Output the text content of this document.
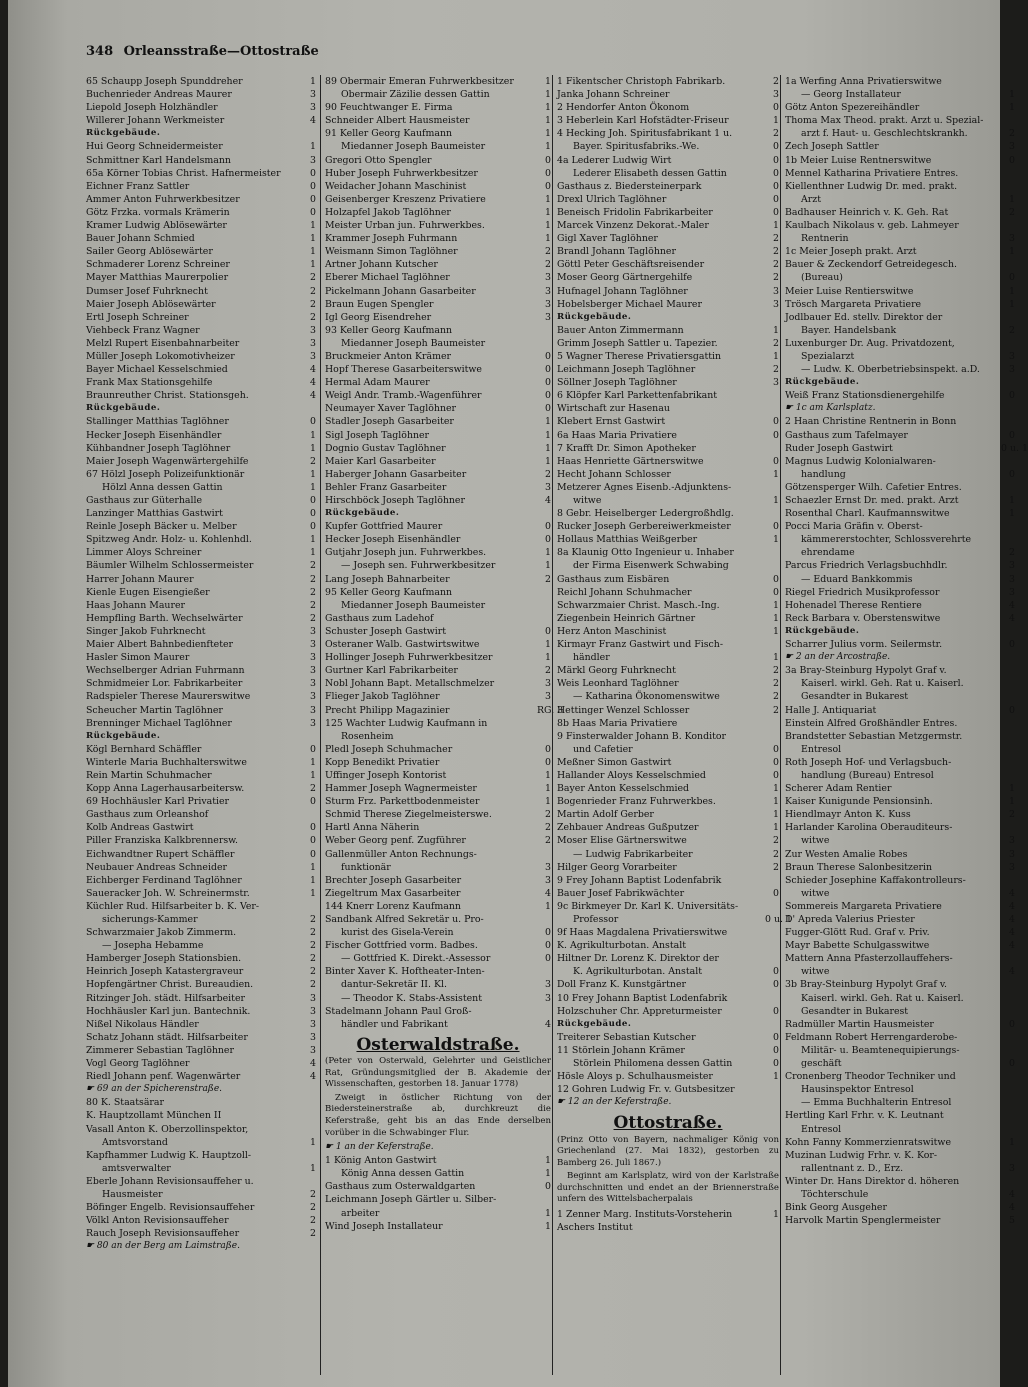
348 Orleansstraße—Ottostraße
65 Schaupp Joseph Spunddreher	1
Buchenrieder Andreas Maurer	3
Liepold Joseph Holzhändler	3
Willerer Johann Werkmeister	4
Rückgebäude.
Hui Georg Schneidermeister	1
Schmittner Karl Handelsmann	3
65a Körner Tobias Christ. Hafnermeister	0
Eichner Franz Sattler	0
Ammer Anton Fuhrwerkbesitzer	0
Götz Frzka. vormals Krämerin	0
Kramer Ludwig Ablösewärter	1
Bauer Johann Schmied	1
Sailer Georg Ablösewärter	1
Schmaderer Lorenz Schreiner	1
Mayer Matthias Maurerpolier	2
Dumser Josef Fuhrknecht	2
Maier Joseph Ablösewärter	2
Ertl Joseph Schreiner	2
Viehbeck Franz Wagner	3
Melzl Rupert Eisenbahnarbeiter	3
Müller Joseph Lokomotivheizer	3
Bayer Michael Kesselschmied	4
Frank Max Stationsgehilfe	4
Braunreuther Christ. Stationsgeh.	4
Rückgebäude.
Stallinger Matthias Taglöhner	0
Hecker Joseph Eisenhändler	1
Kühbandner Joseph Taglöhner	1
Maier Joseph Wagenwärtergehilfe	2
67 Hölzl Joseph Polizeifunktionär	1
Hölzl Anna dessen Gattin	1
Gasthaus zur Güterhalle	0
Lanzinger Matthias Gastwirt	0
Reinle Joseph Bäcker u. Melber	0
Spitzweg Andr. Holz- u. Kohlenhdl.	1
Limmer Aloys Schreiner	1
Bäumler Wilhelm Schlossermeister	2
Harrer Johann Maurer	2
Kienle Eugen Eisengießer	2
Haas Johann Maurer	2
Hempfling Barth. Wechselwärter	2
Singer Jakob Fuhrknecht	3
Maier Albert Bahnbedienfteter	3
Hasler Simon Maurer	3
Wechselberger Adrian Fuhrmann	3
Schmidmeier Lor. Fabrikarbeiter	3
Radspieler Therese Maurerswitwe	3
Scheucher Martin Taglöhner	3
Brenninger Michael Taglöhner	3
Rückgebäude.
Kögl Bernhard Schäffler	0
Winterle Maria Buchhalterswitwe	1
Rein Martin Schuhmacher	1
Kopp Anna Lagerhausarbeitersw.	2
69 Hochhäusler Karl Privatier	0
Gasthaus zum Orleanshof
Kolb Andreas Gastwirt	0
Piller Franziska Kalkbrennersw.	0
Eichwandtner Rupert Schäffler	0
Neubauer Andreas Schneider	1
Eichberger Ferdinand Taglöhner	1
Saueracker Joh. W. Schreinermstr.	1
Küchler Rud. Hilfsarbeiter b. K. Ver-
sicherungs-Kammer	2
Schwarzmaier Jakob Zimmerm.	2
— Josepha Hebamme	2
Hamberger Joseph Stationsbien.	2
Heinrich Joseph Katastergraveur	2
Hopfengärtner Christ. Bureaudien.	2
Ritzinger Joh. städt. Hilfsarbeiter	3
Hochhäusler Karl jun. Bantechnik.	3
Nißel Nikolaus Händler	3
Schatz Johann städt. Hilfsarbeiter	3
Zimmerer Sebastian Taglöhner	3
Vogl Georg Taglöhner	4
Riedl Johann penf. Wagenwärter	4
☛ 69 an der Spicherenstraße.
80 K. Staatsärar
K. Hauptzollamt München II
Vasall Anton K. Oberzollinspektor,
Amtsvorstand	1
Kapfhammer Ludwig K. Hauptzoll-
amtsverwalter	1
Eberle Johann Revisionsauffeher u.
Hausmeister	2
Böfinger Engelb. Revisionsauffeher	2
Völkl Anton Revisionsauffeher	2
Rauch Joseph Revisionsauffeher	2
☛ 80 an der Berg am Laimstraße.
89 Obermair Emeran Fuhrwerkbesitzer	1
Obermair Zäzilie dessen Gattin	1
90 Feuchtwanger E. Firma	1
Schneider Albert Hausmeister	1
91 Keller Georg Kaufmann	1
Miedanner Joseph Baumeister	1
Gregori Otto Spengler	0
Huber Joseph Fuhrwerkbesitzer	0
Weidacher Johann Maschinist	0
Geisenberger Kreszenz Privatiere	1
Holzapfel Jakob Taglöhner	1
Meister Urban jun. Fuhrwerkbes.	1
Krammer Joseph Fuhrmann	1
Weismann Simon Taglöhner	2
Artner Johann Kutscher	2
Eberer Michael Taglöhner	3
Pickelmann Johann Gasarbeiter	3
Braun Eugen Spengler	3
Igl Georg Eisendreher	3
93 Keller Georg Kaufmann
Miedanner Joseph Baumeister
Bruckmeier Anton Krämer	0
Hopf Therese Gasarbeiterswitwe	0
Hermal Adam Maurer	0
Weigl Andr. Tramb.-Wagenführer	0
Neumayer Xaver Taglöhner	0
Stadler Joseph Gasarbeiter	1
Sigl Joseph Taglöhner	1
Dognio Gustav Taglöhner	1
Maier Karl Gasarbeiter	1
Haberger Johann Gasarbeiter	2
Behler Franz Gasarbeiter	3
Hirschböck Joseph Taglöhner	4
Rückgebäude.
Kupfer Gottfried Maurer	0
Hecker Joseph Eisenhändler	0
Gutjahr Joseph jun. Fuhrwerkbes.	1
— Joseph sen. Fuhrwerkbesitzer	1
Lang Joseph Bahnarbeiter	2
95 Keller Georg Kaufmann
Miedanner Joseph Baumeister
Gasthaus zum Ladehof
Schuster Joseph Gastwirt	0
Osteraner Walb. Gastwirtswitwe	1
Hollinger Joseph Fuhrwerkbesitzer	1
Gurtner Karl Fabrikarbeiter	2
Nobl Johann Bapt. Metallschmelzer	3
Flieger Jakob Taglöhner	3
Precht Philipp Magazinier	RG. 3
125 Wachter Ludwig Kaufmann in
Rosenheim
Pledl Joseph Schuhmacher	0
Kopp Benedikt Privatier	0
Uffinger Joseph Kontorist	1
Hammer Joseph Wagnermeister	1
Sturm Frz. Parkettbodenmeister	1
Schmid Therese Ziegelmeisterswe.	2
Hartl Anna Näherin	2
Weber Georg penf. Zugführer	2
Gallenmüller Anton Rechnungs-
funktionär	3
Brechter Joseph Gasarbeiter	3
Ziegeltrum Max Gasarbeiter	4
144 Knerr Lorenz Kaufmann	1
Sandbank Alfred Sekretär u. Pro-
kurist des Gisela-Verein	0
Fischer Gottfried vorm. Badbes.	0
— Gottfried K. Direkt.-Assessor	0
Binter Xaver K. Hoftheater-Inten-
dantur-Sekretär II. Kl.	3
— Theodor K. Stabs-Assistent	3
Stadelmann Johann Paul Groß-
händler und Fabrikant	4
Osterwaldstraße.
(Peter von Osterwald, Gelehrter und Geistlicher Rat, Gründungsmitglied der B. Akademie der Wissenschaften, gestorben 18. Januar 1778)
Zweigt in östlicher Richtung von der Biedersteinerstraße ab, durchkreuzt die Keferstraße, geht bis an das Ende derselben vorüber in die Schwabinger Flur.
☛ 1 an der Keferstraße.
1 König Anton Gastwirt	1
König Anna dessen Gattin	1
Gasthaus zum Osterwaldgarten	0
Leichmann Joseph Gärtler u. Silber-
arbeiter	1
Wind Joseph Installateur	1
1 Fikentscher Christoph Fabrikarb.	2
Janka Johann Schreiner	3
2 Hendorfer Anton Ökonom	0
3 Heberlein Karl Hofstädter-Friseur	1
4 Hecking Joh. Spiritusfabrikant 1 u.	2
Bayer. Spiritusfabriks.-We.	0
4a Lederer Ludwig Wirt	0
Lederer Elisabeth dessen Gattin	0
Gasthaus z. Biedersteinerpark	0
Drexl Ulrich Taglöhner	0
Beneisch Fridolin Fabrikarbeiter	0
Marcek Vinzenz Dekorat.-Maler	1
Gigl Xaver Taglöhner	2
Brandl Johann Taglöhner	2
Göttl Peter Geschäftsreisender	2
Moser Georg Gärtnergehilfe	2
Hufnagel Johann Taglöhner	3
Hobelsberger Michael Maurer	3
Rückgebäude.
Bauer Anton Zimmermann	1
Grimm Joseph Sattler u. Tapezier.	2
5 Wagner Therese Privatiersgattin	1
Leichmann Joseph Taglöhner	2
Söllner Joseph Taglöhner	3
6 Klöpfer Karl Parkettenfabrikant
Wirtschaft zur Hasenau
Klebert Ernst Gastwirt	0
6a Haas Maria Privatiere	0
7 Krafft Dr. Simon Apotheker
Haas Henriette Gärtnerswitwe	0
Hecht Johann Schlosser	1
Metzerer Agnes Eisenb.-Adjunktens-
witwe	1
8 Gebr. Heiselberger Ledergroßhdlg.
Rucker Joseph Gerbereiwerkmeister	0
Hollaus Matthias Weißgerber	1
8a Klaunig Otto Ingenieur u. Inhaber
der Firma Eisenwerk Schwabing
Gasthaus zum Eisbären	0
Reichl Johann Schuhmacher	0
Schwarzmaier Christ. Masch.-Ing.	1
Ziegenbein Heinrich Gärtner	1
Herz Anton Maschinist	1
Kirmayr Franz Gastwirt und Fisch-
händler	1
Märkl Georg Fuhrknecht	2
Weis Leonhard Taglöhner	2
— Katharina Ökonomenswitwe	2
Hettinger Wenzel Schlosser	2
8b Haas Maria Privatiere
9 Finsterwalder Johann B. Konditor
und Cafetier	0
Meßner Simon Gastwirt	0
Hallander Aloys Kesselschmied	0
Bayer Anton Kesselschmied	1
Bogenrieder Franz Fuhrwerkbes.	1
Martin Adolf Gerber	1
Zehbauer Andreas Gußputzer	1
Moser Elise Gärtnerswitwe	2
— Ludwig Fabrikarbeiter	2
Hilger Georg Vorarbeiter	2
9 Frey Johann Baptist Lodenfabrik
Bauer Josef Fabrikwächter	0
9c Birkmeyer Dr. Karl K. Universitäts-
Professor	0 u. 1
9f Haas Magdalena Privatierswitwe
K. Agrikulturbotan. Anstalt
Hiltner Dr. Lorenz K. Direktor der
K. Agrikulturbotan. Anstalt	0
Doll Franz K. Kunstgärtner	0
10 Frey Johann Baptist Lodenfabrik
Holzschuher Chr. Appreturmeister	0
Rückgebäude.
Treiterer Sebastian Kutscher	0
11 Störlein Johann Krämer	0
Störlein Philomena dessen Gattin	0
Hösle Aloys p. Schulhausmeister	1
12 Gohren Ludwig Fr. v. Gutsbesitzer
☛ 12 an der Keferstraße.
Ottostraße.
(Prinz Otto von Bayern, nachmaliger König von Griechenland (27. Mai 1832), gestorben zu Bamberg 26. Juli 1867.)
Beginnt am Karlsplatz, wird von der Karlstraße durchschnitten und endet an der Briennerstraße unfern des Wittelsbacherpalais
1 Zenner Marg. Instituts-Vorsteherin	1
Aschers Institut
1a Werfing Anna Privatierswitwe
— Georg Installateur	1
Götz Anton Spezereihändler	1
Thoma Max Theod. prakt. Arzt u. Spezial-
arzt f. Haut- u. Geschlechtskrankh.	2
Zech Joseph Sattler	3
1b Meier Luise Rentnerswitwe	0
Mennel Katharina Privatiere Entres.
Kiellenthner Ludwig Dr. med. prakt.
Arzt	1
Badhauser Heinrich v. K. Geh. Rat	2
Kaulbach Nikolaus v. geb. Lahmeyer
Rentnerin	3
1c Meier Joseph prakt. Arzt	1
Bauer & Zeckendorf Getreidegesch.
(Bureau)	0
Meier Luise Rentierswitwe	1
Trösch Margareta Privatiere	1
Jodlbauer Ed. stellv. Direktor der
Bayer. Handelsbank	2
Luxenburger Dr. Aug. Privatdozent,
Spezialarzt	3
— Ludw. K. Oberbetriebsinspekt. a.D.	3
Rückgebäude.
Weiß Franz Stationsdienergehilfe	0
☛ 1c am Karlsplatz.
2 Haan Christine Rentnerin in Bonn
Gasthaus zum Tafelmayer	0
Ruder Joseph Gastwirt	0 u. 1
Magnus Ludwig Kolonialwaren-
handlung	0
Götzensperger Wilh. Cafetier Entres.
Schaezler Ernst Dr. med. prakt. Arzt	1
Rosenthal Charl. Kaufmannswitwe	1
Pocci Maria Gräfin v. Oberst-
kämmererstochter, Schlossverehrte
ehrendame	2
Parcus Friedrich Verlagsbuchhdlr.	3
— Eduard Bankkommis	3
Riegel Friedrich Musikprofessor	3
Hohenadel Therese Rentiere	4
Reck Barbara v. Oberstenswitwe	4
Rückgebäude.
Scharrer Julius vorm. Seilermstr.	0
☛ 2 an der Arcostraße.
3a Bray-Steinburg Hypolyt Graf v.
Kaiserl. wirkl. Geh. Rat u. Kaiserl.
Gesandter in Bukarest
Halle J. Antiquariat	0
Einstein Alfred Großhändler Entres.
Brandstetter Sebastian Metzgermstr.
Entresol
Roth Joseph Hof- und Verlagsbuch-
handlung (Bureau) Entresol
Scherer Adam Rentier	1
Kaiser Kunigunde Pensionsinh.	1
Hiendlmayr Anton K. Kuss	2
Harlander Karolina Oberauditeurs-
witwe	3
Zur Westen Amalie Robes	3
Braun Therese Salonbesitzerin	3
Schieder Josephine Kaffakontrolleurs-
witwe	4
Sommereis Margareta Privatiere	4
D' Apreda Valerius Priester	4
Fugger-Glött Rud. Graf v. Priv.	4
Mayr Babette Schulgasswitwe	4
Mattern Anna Pfasterzollauffehers-
witwe	4
3b Bray-Steinburg Hypolyt Graf v.
Kaiserl. wirkl. Geh. Rat u. Kaiserl.
Gesandter in Bukarest
Radmüller Martin Hausmeister	0
Feldmann Robert Herrengarderobe-
Militär- u. Beamtenequipierungs-
geschäft	0
Cronenberg Theodor Techniker und
Hausinspektor Entresol
— Emma Buchhalterin Entresol
Hertling Karl Frhr. v. K. Leutnant
Entresol
Kohn Fanny Kommerzienratswitwe	1
Muzinan Ludwig Frhr. v. K. Kor-
rallentnant z. D., Erz.	3
Winter Dr. Hans Direktor d. höheren
Töchterschule	4
Bink Georg Ausgeher	4
Harvolk Martin Spenglermeister	5
